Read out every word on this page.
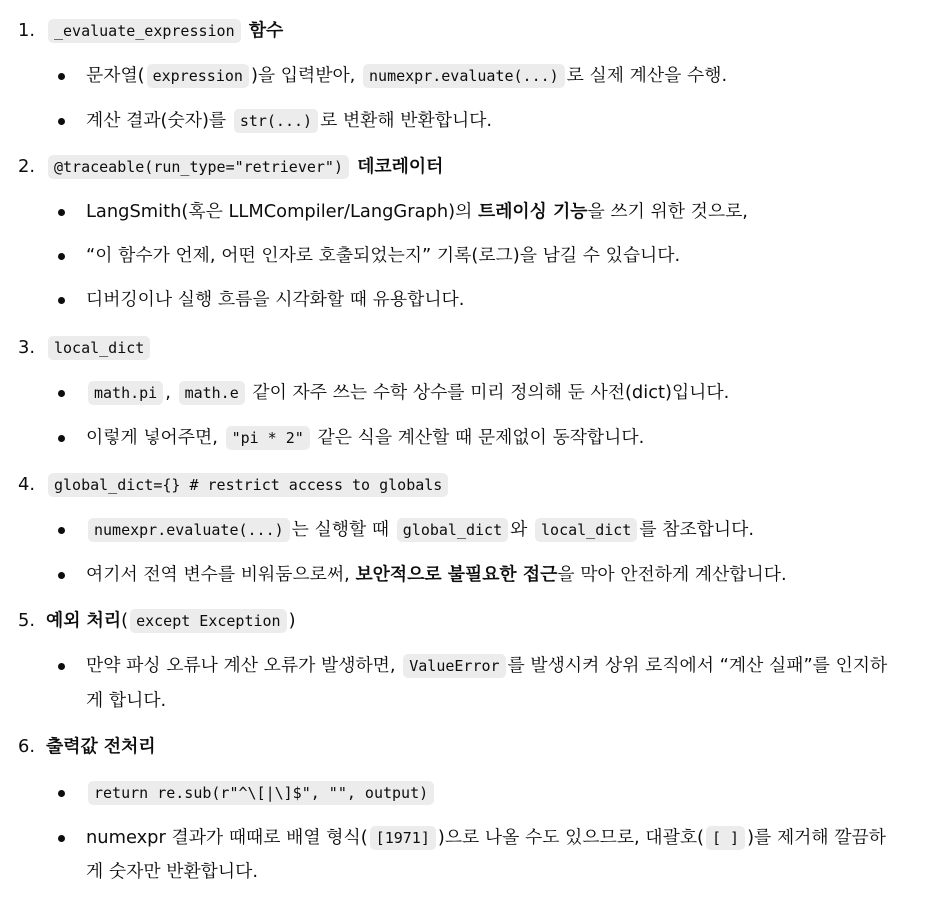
1.	_evaluate_expression 함수
문자열( expression )을 입력받아, numexpr.evaluate(...) 로 실제 계산을 수행.
계산 결과(숫자)를 str(...) 로 변환해 반환합니다.
2.	@traceable(run_type="retriever") 데코레이터
LangSmith(혹은 LLMCompiler/LangGraph)의 트레이싱 기능을 쓰기 위한 것으로,
“이 함수가 언제, 어떤 인자로 호출되었는지” 기록(로그)을 남길 수 있습니다.
디버깅이나 실행 흐름을 시각화할 때 유용합니다.
3.	local_dict
math.pi , math.e 같이 자주 쓰는 수학 상수를 미리 정의해 둔 사전(dict)입니다.
이렇게 넣어주면, "pi * 2" 같은 식을 계산할 때 문제없이 동작합니다.
4.	global_dict={} # restrict access to globals
numexpr.evaluate(...) 는 실행할 때 global_dict 와 local_dict 를 참조합니다.
여기서 전역 변수를 비워둠으로써, 보안적으로 불필요한 접근을 막아 안전하게 계산합니다.
5. 예외 처리( except Exception )
만약 파싱 오류나 계산 오류가 발생하면, ValueError 를 발생시켜 상위 로직에서 “계산 실패”를 인지하
게 합니다.
6. 출력값 전처리
return re.sub(r"^\[|\]$", "", output)
numexpr 결과가 때때로 배열 형식( [1971] )으로 나올 수도 있으므로, 대괄호( [ ] )를 제거해 깔끔하
게 숫자만 반환합니다.
